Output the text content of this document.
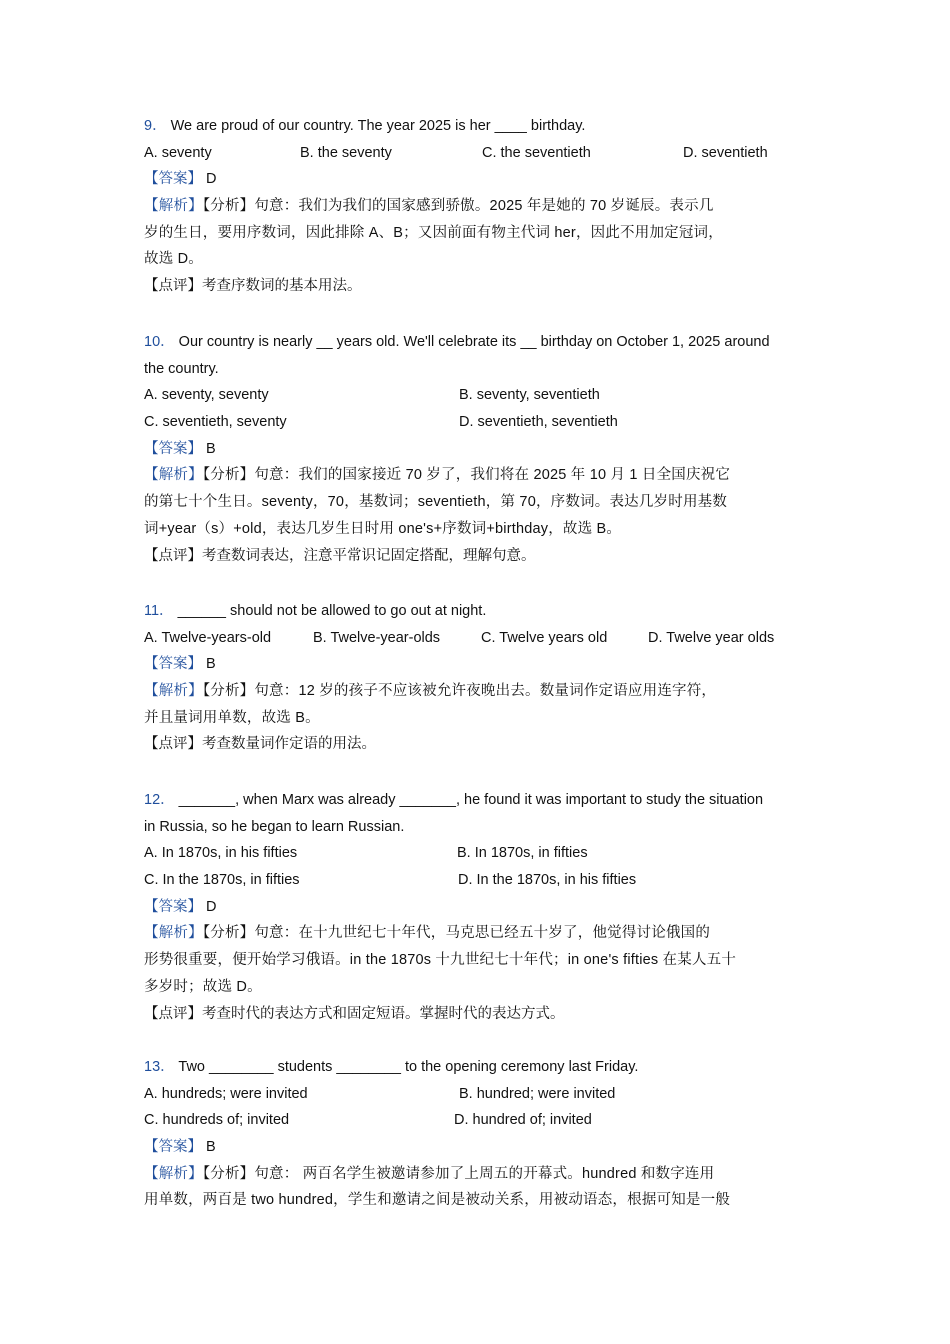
9． We are proud of our country. The year 2025 is her ____ birthday.
A. seventy	B. the seventy	C. the seventieth	D. seventieth
【答案】 D
【解析】【分析】句意：我们为我们的国家感到骄傲。2025 年是她的 70 岁诞辰。表示几
岁的生日，要用序数词，因此排除 A、B；又因前面有物主代词 her，因此不用加定冠词，
故选 D。
【点评】考查序数词的基本用法。
10． Our country is nearly __ years old. We'll celebrate its __ birthday on October 1, 2025 around
the country.
A. seventy, seventy	B. seventy, seventieth
C. seventieth, seventy	D. seventieth, seventieth
【答案】 B
【解析】【分析】句意：我们的国家接近 70 岁了，我们将在 2025 年 10 月 1 日全国庆祝它
的第七十个生日。seventy，70，基数词；seventieth，第 70，序数词。表达几岁时用基数
词+year（s）+old，表达几岁生日时用 one's+序数词+birthday，故选 B。
【点评】考查数词表达，注意平常识记固定搭配，理解句意。
11． ______ should not be allowed to go out at night.
A. Twelve-years-old	B. Twelve-year-olds	C. Twelve years old	D. Twelve year olds
【答案】 B
【解析】【分析】句意：12 岁的孩子不应该被允许夜晚出去。数量词作定语应用连字符，
并且量词用单数，故选 B。
【点评】考查数量词作定语的用法。
12． _______, when Marx was already _______, he found it was important to study the situation
in Russia, so he began to learn Russian.
A. In 1870s, in his fifties	B. In 1870s, in fifties
C. In the 1870s, in fifties	D. In the 1870s, in his fifties
【答案】 D
【解析】【分析】句意：在十九世纪七十年代，马克思已经五十岁了，他觉得讨论俄国的
形势很重要，便开始学习俄语。in the 1870s 十九世纪七十年代；in one's fifties 在某人五十
多岁时；故选 D。
【点评】考查时代的表达方式和固定短语。掌握时代的表达方式。
13． Two ________ students ________ to the opening ceremony last Friday.
A. hundreds; were invited	B. hundred; were invited
C. hundreds of; invited	D. hundred of; invited
【答案】 B
【解析】【分析】句意： 两百名学生被邀请参加了上周五的开幕式。hundred 和数字连用
用单数，两百是 two hundred，学生和邀请之间是被动关系，用被动语态，根据可知是一般
